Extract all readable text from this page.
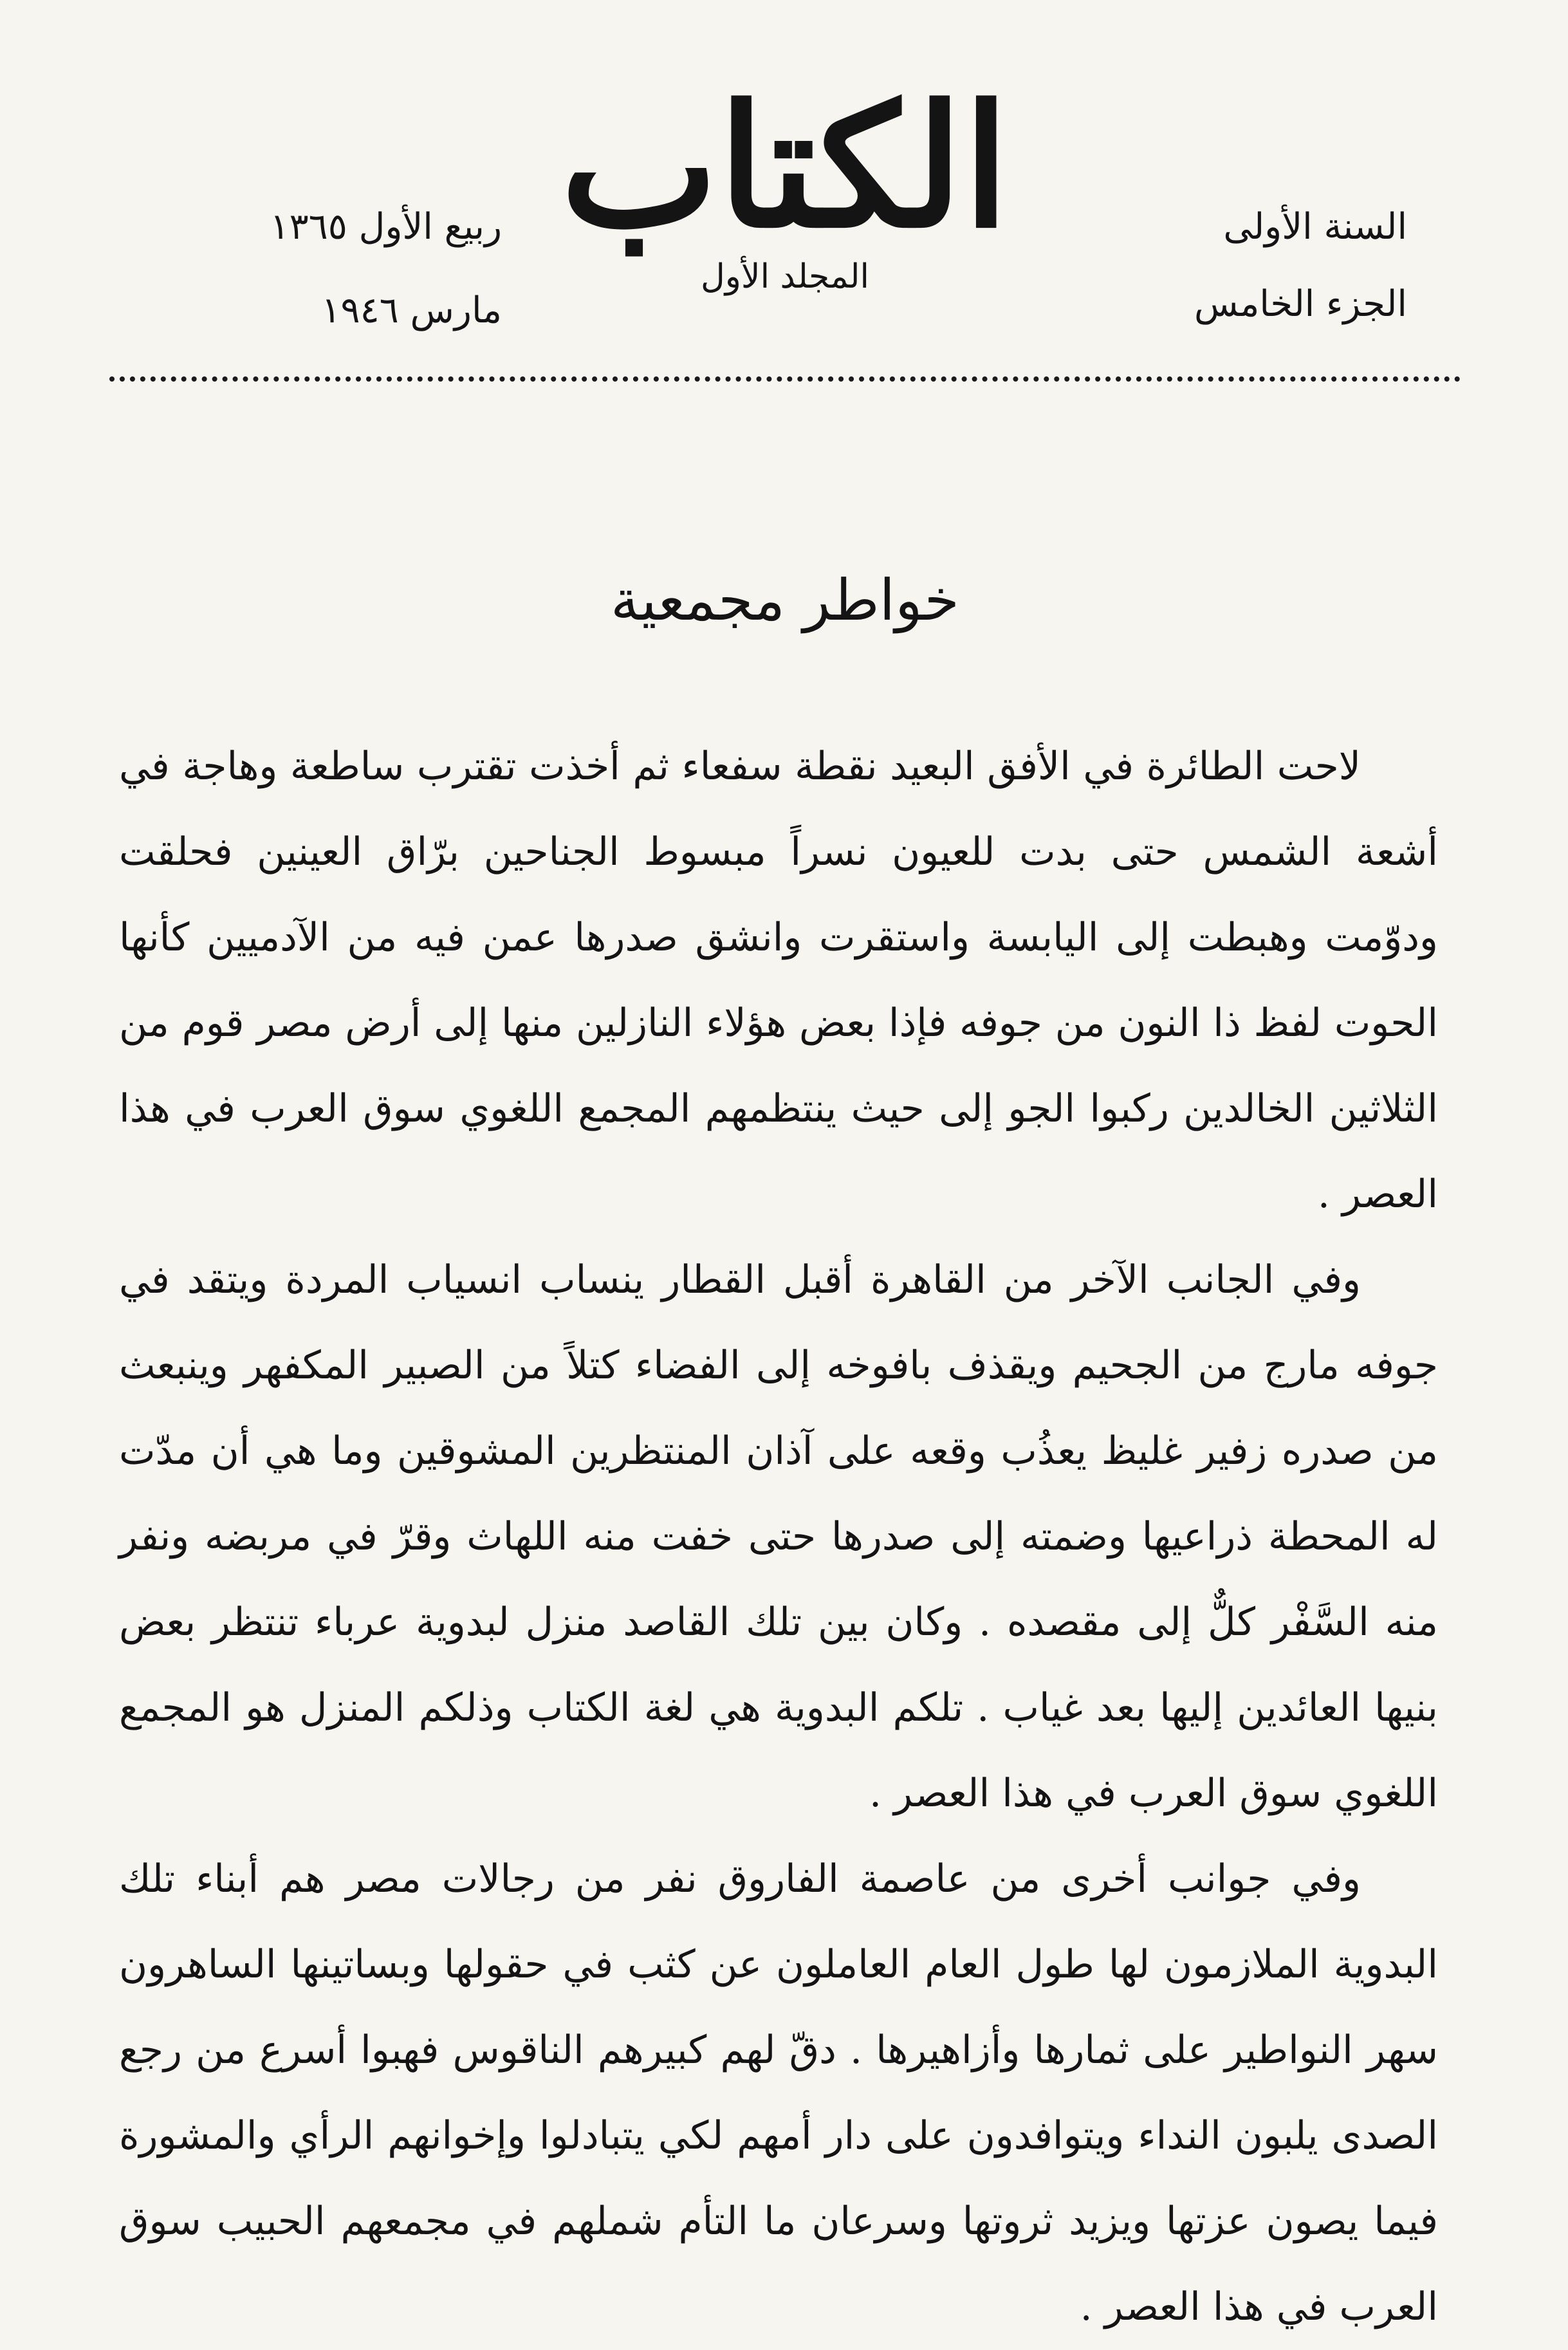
الكتاب
المجلد الأول
السنة الأولى
الجزء الخامس
ربيع الأول ١٣٦٥
مارس ١٩٤٦
خواطر مجمعية

لاحت الطائرة في الأفق البعيد نقطة سفعاء ثم أخذت تقترب ساطعة وهاجة في أشعة الشمس حتى بدت للعيون نسراً مبسوط الجناحين برّاق العينين فحلقت ودوّمت وهبطت إلى اليابسة واستقرت وانشق صدرها عمن فيه من الآدميين كأنها الحوت لفظ ذا النون من جوفه فإذا بعض هؤلاء النازلين منها إلى أرض مصر قوم من الثلاثين الخالدين ركبوا الجو إلى حيث ينتظمهم المجمع اللغوي سوق العرب في هذا العصر .

وفي الجانب الآخر من القاهرة أقبل القطار ينساب انسياب المردة ويتقد في جوفه مارج من الجحيم ويقذف بافوخه إلى الفضاء كتلاً من الصبير المكفهر وينبعث من صدره زفير غليظ يعذُب وقعه على آذان المنتظرين المشوقين وما هي أن مدّت له المحطة ذراعيها وضمته إلى صدرها حتى خفت منه اللهاث وقرّ في مربضه ونفر منه السَّفْر كلٌّ إلى مقصده . وكان بين تلك القاصد منزل لبدوية عرباء تنتظر بعض بنيها العائدين إليها بعد غياب . تلكم البدوية هي لغة الكتاب وذلكم المنزل هو المجمع اللغوي سوق العرب في هذا العصر .

وفي جوانب أخرى من عاصمة الفاروق نفر من رجالات مصر هم أبناء تلك البدوية الملازمون لها طول العام العاملون عن كثب في حقولها وبساتينها الساهرون سهر النواطير على ثمارها وأزاهيرها . دقّ لهم كبيرهم الناقوس فهبوا أسرع من رجع الصدى يلبون النداء ويتوافدون على دار أمهم لكي يتبادلوا وإخوانهم الرأي والمشورة فيما يصون عزتها ويزيد ثروتها وسرعان ما التأم شملهم في مجمعهم الحبيب سوق العرب في هذا العصر .
